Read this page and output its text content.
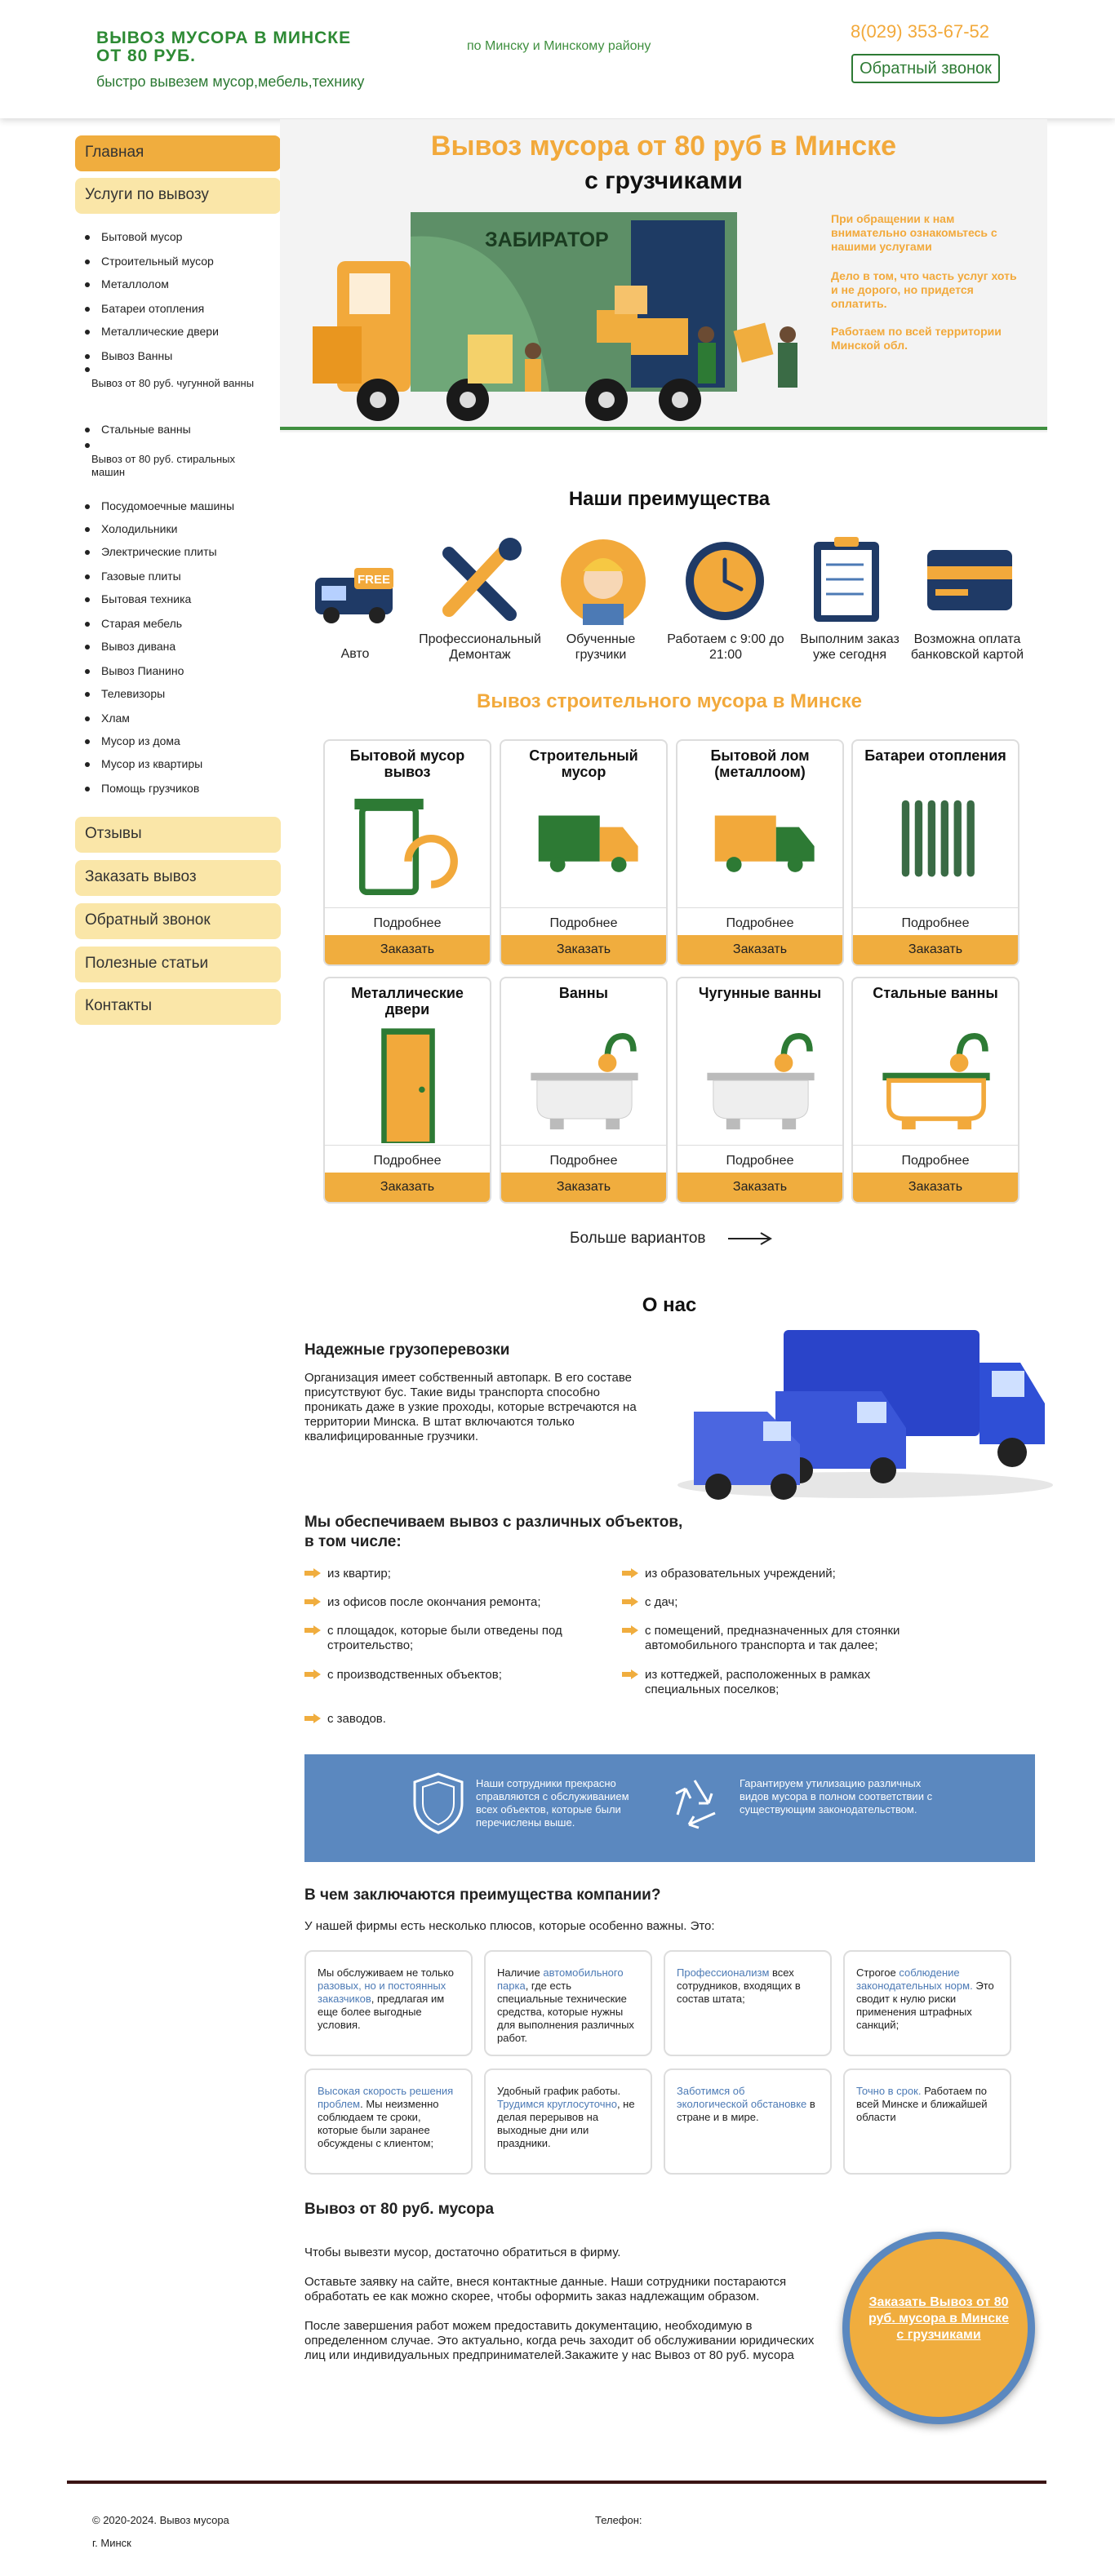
ВЫВОЗ МУСОРА В МИНСКЕ
ОТ 80 РУБ.
быстро вывезем мусор,мебель,технику
по Минску и Минскому району
8(029) 353-67-52
Обратный звонок
Главная
Услуги по вывозу
ЗАБИРАТОР
Вывоз мусора от 80 руб в Минске
с грузчиками
При обращении к нам внимательно ознакомьтесь с нашими услугами
Дело в том, что часть услуг хоть и не дорого, но придется оплатить.
Работаем по всей территории Минской обл.
Наши преимущества
FREE
Вывоз строительного мусора в Минске
Больше вариантов
О нас
Надежные грузоперевозки
Организация имеет собственный автопарк. В его составе присутствуют бус. Такие виды транспорта способно проникать даже в узкие проходы, которые встречаются на территории Минска. В штат включаются только квалифицированные грузчики.
Мы обеспечиваем вывоз с различных объектов,
в том числе:
Наши сотрудники прекрасно справляются с обслуживанием всех объектов, которые были перечислены выше.
Гарантируем утилизацию различных видов мусора в полном соответствии с существующим законодательством.
В чем заключаются преимущества компании?
У нашей фирмы есть несколько плюсов, которые особенно важны. Это:
Вывоз от 80 руб. мусора
Чтобы вывезти мусор, достаточно обратиться в фирму.
Оставьте заявку на сайте, внеся контактные данные. Наши сотрудники постараются обработать ее как можно скорее, чтобы оформить заказ надлежащим образом.
После завершения работ можем предоставить документацию, необходимую в определенном случае. Это актуально, когда речь заходит об обслуживании юридических лиц или индивидуальных предпринимателей.Закажите у нас Вывоз от 80 руб. мусора
Заказать Вывоз от 80 руб. мусора в Минске с грузчиками
© 2020-2024. Вывоз мусора
г. Минск
Телефон:
Бытовой мусор
Строительный мусор
Металлолом
Батареи отопления
Металлические двери
Вывоз Ванны
Вывоз от 80 руб. чугунной ванны
Стальные ванны
Вывоз от 80 руб. стиральных машин
Посудомоечные машины
Холодильники
Электрические плиты
Газовые плиты
Бытовая техника
Старая мебель
Вывоз дивана
Вывоз Пианино
Телевизоры
Хлам
Мусор из дома
Мусор из квартиры
Помощь грузчиков
Отзывы
Заказать вывоз
Обратный звонок
Полезные статьи
Контакты
Авто
Профессиональный Демонтаж
Обученные грузчики
Работаем с 9:00 до 21:00
Выполним заказ уже сегодня
Возможна оплата банковской картой
Бытовой мусор вывоз
Подробнее
Заказать
Строительный мусор
Подробнее
Заказать
Бытовой лом (металлоом)
Подробнее
Заказать
Батареи отопления
Подробнее
Заказать
Металлические двери
Подробнее
Заказать
Ванны
Подробнее
Заказать
Чугунные ванны
Подробнее
Заказать
Стальные ванны
Подробнее
Заказать
из квартир;
из офисов после окончания ремонта;
с площадок, которые были отведены под строительство;
с производственных объектов;
с заводов.
из образовательных учреждений;
с дач;
с помещений, предназначенных для стоянки автомобильного транспорта и так далее;
из коттеджей, расположенных в рамках специальных поселков;
Мы обслуживаем не только разовых, но и постоянных заказчиков, предлагая им еще более выгодные условия.
Наличие автомобильного парка, где есть специальные технические средства, которые нужны для выполнения различных работ.
Профессионализм всех сотрудников, входящих в состав штата;
Строгое соблюдение законодательных норм. Это сводит к нулю риски применения штрафных санкций;
Высокая скорость решения проблем. Мы неизменно соблюдаем те сроки, которые были заранее обсуждены с клиентом;
Удобный график работы. Трудимся круглосуточно, не делая перерывов на выходные дни или праздники.
Заботимся об экологической обстановке в стране и в мире.
Точно в срок. Работаем по всей Минске и ближайшей области
